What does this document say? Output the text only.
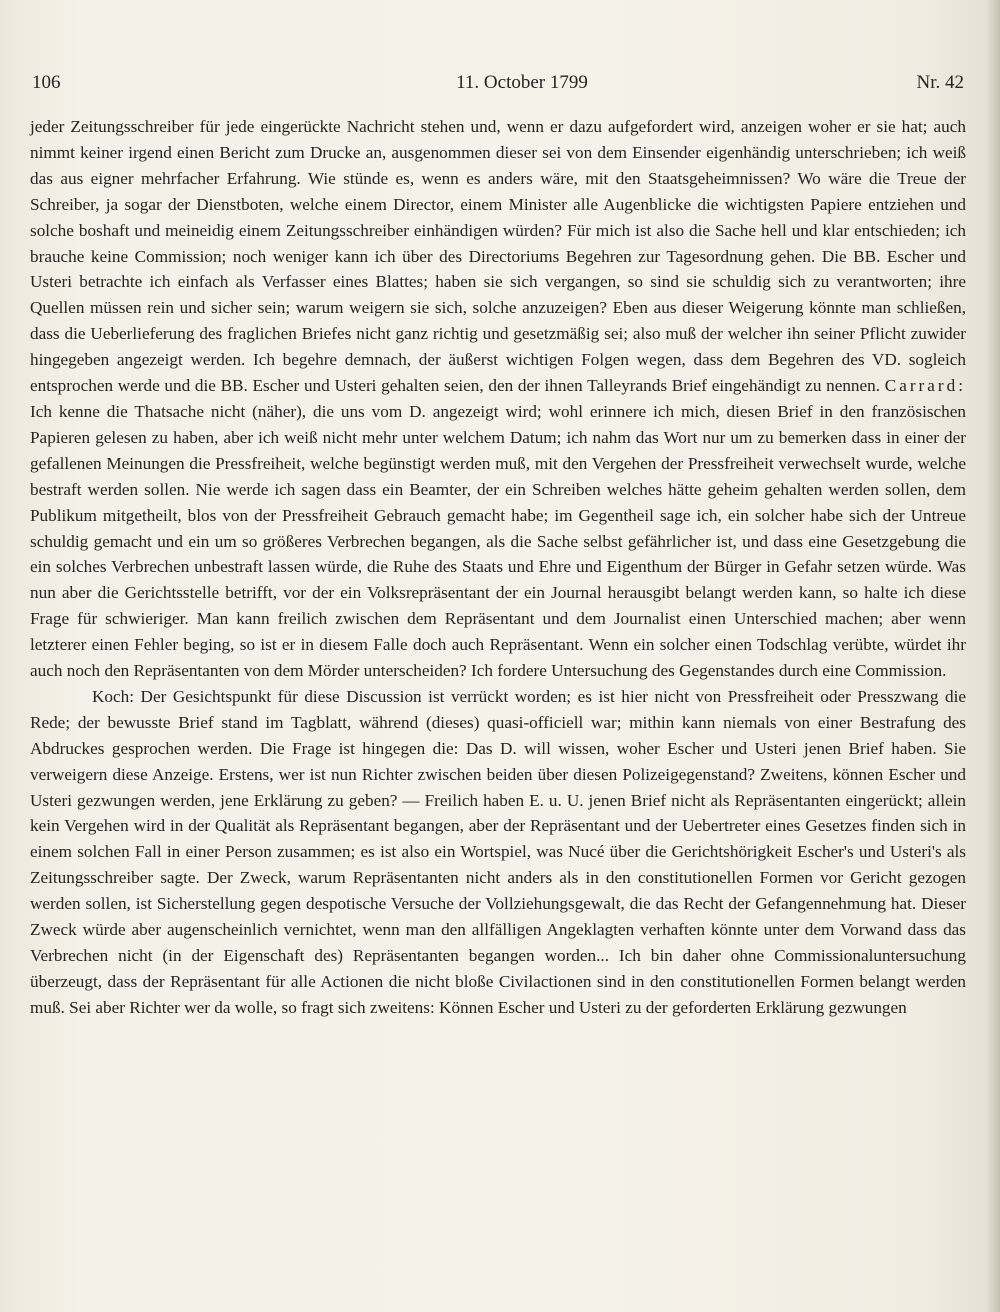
106	11. October 1799	Nr. 42

jeder Zeitungsschreiber für jede eingerückte Nachricht stehen und, wenn er dazu aufgefordert wird, anzeigen woher er sie hat; auch nimmt keiner irgend einen Bericht zum Drucke an, ausgenommen dieser sei von dem Einsender eigenhändig unterschrieben; ich weiß das aus eigner mehrfacher Erfahrung. Wie stünde es, wenn es anders wäre, mit den Staatsgeheimnissen? Wo wäre die Treue der Schreiber, ja sogar der Dienstboten, welche einem Director, einem Minister alle Augenblicke die wichtigsten Papiere entziehen und solche boshaft und meineidig einem Zeitungsschreiber einhändigen würden? Für mich ist also die Sache hell und klar entschieden; ich brauche keine Commission; noch weniger kann ich über des Directoriums Begehren zur Tagesordnung gehen. Die BB. Escher und Usteri betrachte ich einfach als Verfasser eines Blattes; haben sie sich vergangen, so sind sie schuldig sich zu verantworten; ihre Quellen müssen rein und sicher sein; warum weigern sie sich, solche anzuzeigen? Eben aus dieser Weigerung könnte man schließen, dass die Ueberlieferung des fraglichen Briefes nicht ganz richtig und gesetzmäßig sei; also muß der welcher ihn seiner Pflicht zuwider hingegeben angezeigt werden. Ich begehre demnach, der äußerst wichtigen Folgen wegen, dass dem Begehren des VD. sogleich entsprochen werde und die BB. Escher und Usteri gehalten seien, den der ihnen Talleyrands Brief eingehändigt zu nennen. Carrard: Ich kenne die Thatsache nicht (näher), die uns vom D. angezeigt wird; wohl erinnere ich mich, diesen Brief in den französischen Papieren gelesen zu haben, aber ich weiß nicht mehr unter welchem Datum; ich nahm das Wort nur um zu bemerken dass in einer der gefallenen Meinungen die Pressfreiheit, welche begünstigt werden muß, mit den Vergehen der Pressfreiheit verwechselt wurde, welche bestraft werden sollen. Nie werde ich sagen dass ein Beamter, der ein Schreiben welches hätte geheim gehalten werden sollen, dem Publikum mitgetheilt, blos von der Pressfreiheit Gebrauch gemacht habe; im Gegentheil sage ich, ein solcher habe sich der Untreue schuldig gemacht und ein um so größeres Verbrechen begangen, als die Sache selbst gefährlicher ist, und dass eine Gesetzgebung die ein solches Verbrechen unbestraft lassen würde, die Ruhe des Staats und Ehre und Eigenthum der Bürger in Gefahr setzen würde. Was nun aber die Gerichtsstelle betrifft, vor der ein Volksrepräsentant der ein Journal herausgibt belangt werden kann, so halte ich diese Frage für schwieriger. Man kann freilich zwischen dem Repräsentant und dem Journalist einen Unterschied machen; aber wenn letzterer einen Fehler beging, so ist er in diesem Falle doch auch Repräsentant. Wenn ein solcher einen Todschlag verübte, würdet ihr auch noch den Repräsentanten von dem Mörder unterscheiden? Ich fordere Untersuchung des Gegenstandes durch eine Commission.

Koch: Der Gesichtspunkt für diese Discussion ist verrückt worden; es ist hier nicht von Pressfreiheit oder Presszwang die Rede; der bewusste Brief stand im Tagblatt, während (dieses) quasi-officiell war; mithin kann niemals von einer Bestrafung des Abdruckes gesprochen werden. Die Frage ist hingegen die: Das D. will wissen, woher Escher und Usteri jenen Brief haben. Sie verweigern diese Anzeige. Erstens, wer ist nun Richter zwischen beiden über diesen Polizeigegenstand? Zweitens, können Escher und Usteri gezwungen werden, jene Erklärung zu geben? — Freilich haben E. u. U. jenen Brief nicht als Repräsentanten eingerückt; allein kein Vergehen wird in der Qualität als Repräsentant begangen, aber der Repräsentant und der Uebertreter eines Gesetzes finden sich in einem solchen Fall in einer Person zusammen; es ist also ein Wortspiel, was Nucé über die Gerichtshörigkeit Escher's und Usteri's als Zeitungsschreiber sagte. Der Zweck, warum Repräsentanten nicht anders als in den constitutionellen Formen vor Gericht gezogen werden sollen, ist Sicherstellung gegen despotische Versuche der Vollziehungsgewalt, die das Recht der Gefangennehmung hat. Dieser Zweck würde aber augenscheinlich vernichtet, wenn man den allfälligen Angeklagten verhaften könnte unter dem Vorwand dass das Verbrechen nicht (in der Eigenschaft des) Repräsentanten begangen worden... Ich bin daher ohne Commissionaluntersuchung überzeugt, dass der Repräsentant für alle Actionen die nicht bloße Civilactionen sind in den constitutionellen Formen belangt werden muß. Sei aber Richter wer da wolle, so fragt sich zweitens: Können Escher und Usteri zu der geforderten Erklärung gezwungen
